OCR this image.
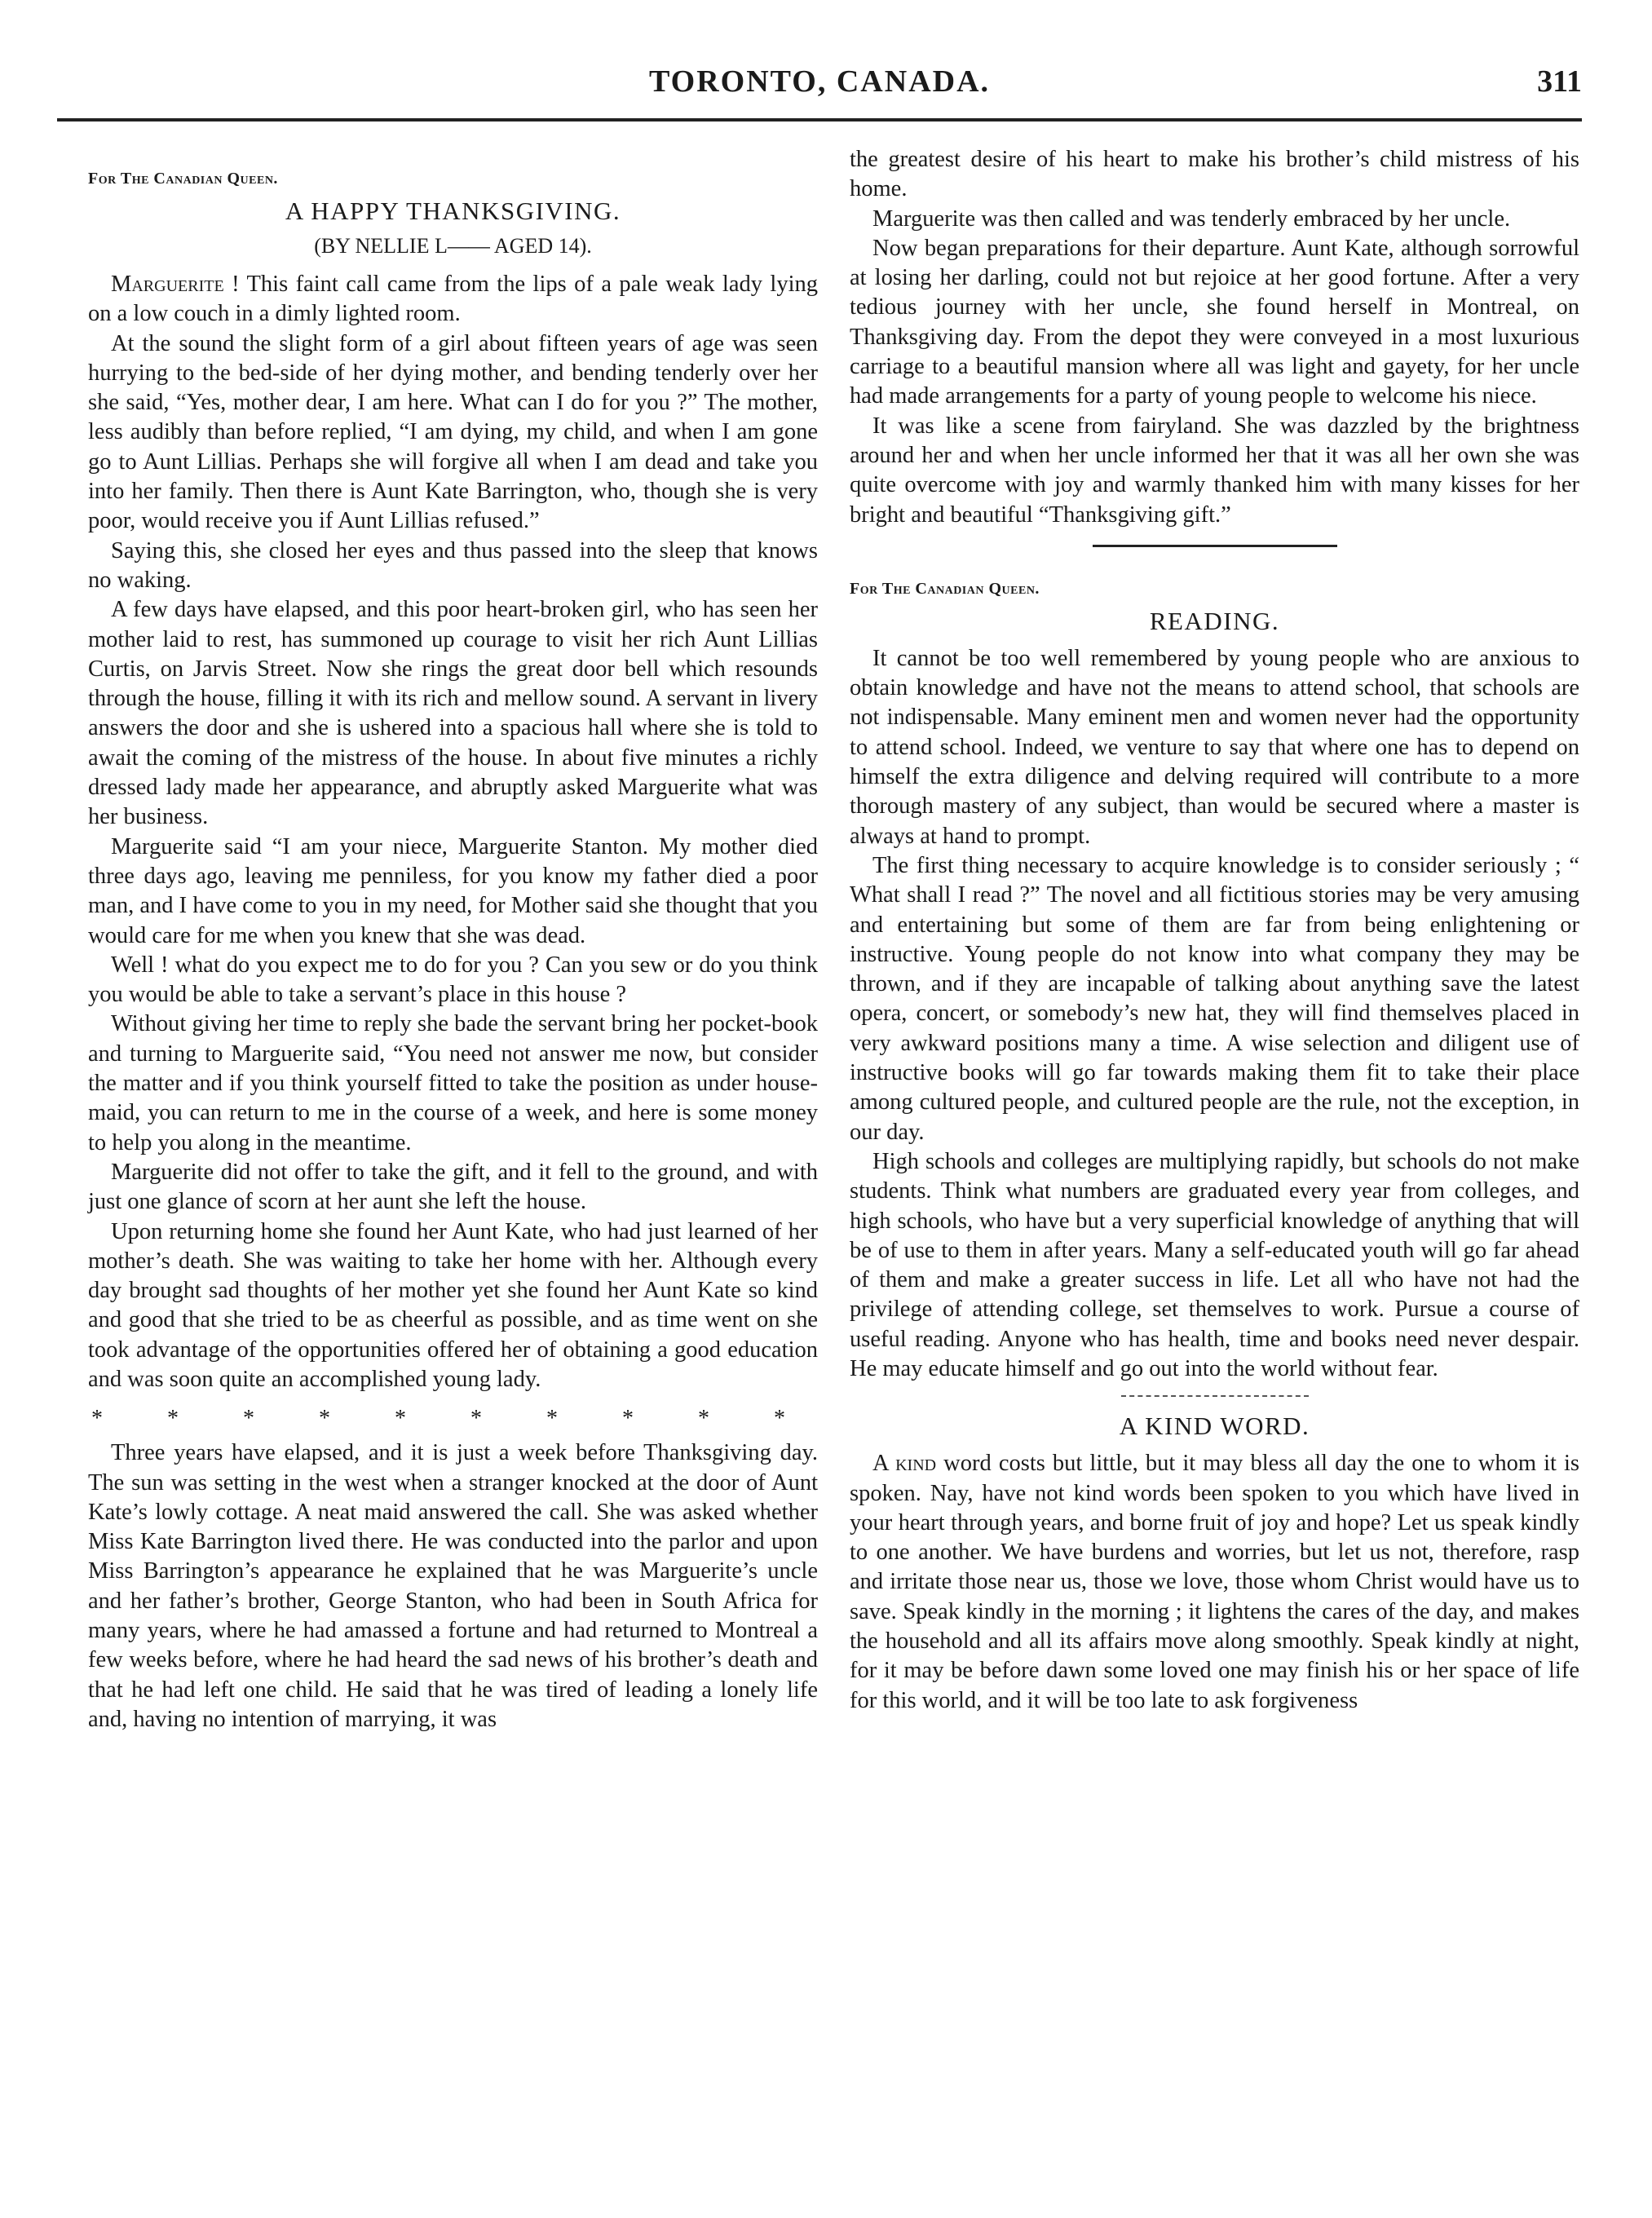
TORONTO, CANADA.	311
For The Canadian Queen.
A HAPPY THANKSGIVING.
(BY NELLIE L—— AGED 14).

Marguerite ! This faint call came from the lips of a pale weak lady lying on a low couch in a dimly lighted room.

At the sound the slight form of a girl about fifteen years of age was seen hurrying to the bed-side of her dying mother, and bending tenderly over her she said, “Yes, mother dear, I am here. What can I do for you ?” The mother, less audibly than before replied, “I am dying, my child, and when I am gone go to Aunt Lillias. Perhaps she will forgive all when I am dead and take you into her family. Then there is Aunt Kate Barrington, who, though she is very poor, would receive you if Aunt Lillias refused.”

Saying this, she closed her eyes and thus passed into the sleep that knows no waking.

A few days have elapsed, and this poor heart-broken girl, who has seen her mother laid to rest, has summoned up courage to visit her rich Aunt Lillias Curtis, on Jarvis Street. Now she rings the great door bell which resounds through the house, filling it with its rich and mellow sound. A servant in livery answers the door and she is ushered into a spacious hall where she is told to await the coming of the mistress of the house. In about five minutes a richly dressed lady made her appearance, and abruptly asked Marguerite what was her business.

Marguerite said “I am your niece, Marguerite Stanton. My mother died three days ago, leaving me penniless, for you know my father died a poor man, and I have come to you in my need, for Mother said she thought that you would care for me when you knew that she was dead.

Well ! what do you expect me to do for you ? Can you sew or do you think you would be able to take a servant’s place in this house ?

Without giving her time to reply she bade the servant bring her pocket-book and turning to Marguerite said, “You need not answer me now, but consider the matter and if you think yourself fitted to take the position as under house-maid, you can return to me in the course of a week, and here is some money to help you along in the meantime.

Marguerite did not offer to take the gift, and it fell to the ground, and with just one glance of scorn at her aunt she left the house.

Upon returning home she found her Aunt Kate, who had just learned of her mother’s death. She was waiting to take her home with her. Although every day brought sad thoughts of her mother yet she found her Aunt Kate so kind and good that she tried to be as cheerful as possible, and as time went on she took advantage of the opportunities offered her of obtaining a good education and was soon quite an accomplished young lady.

* * * * * * * * * *

Three years have elapsed, and it is just a week before Thanksgiving day. The sun was setting in the west when a stranger knocked at the door of Aunt Kate’s lowly cottage. A neat maid answered the call. She was asked whether Miss Kate Barrington lived there. He was conducted into the parlor and upon Miss Barrington’s appearance he explained that he was Marguerite’s uncle and her father’s brother, George Stanton, who had been in South Africa for many years, where he had amassed a fortune and had returned to Montreal a few weeks before, where he had heard the sad news of his brother’s death and that he had left one child. He said that he was tired of leading a lonely life and, having no intention of marrying, it was

the greatest desire of his heart to make his brother’s child mistress of his home.

Marguerite was then called and was tenderly embraced by her uncle.

Now began preparations for their departure. Aunt Kate, although sorrowful at losing her darling, could not but rejoice at her good fortune. After a very tedious journey with her uncle, she found herself in Montreal, on Thanksgiving day. From the depot they were conveyed in a most luxurious carriage to a beautiful mansion where all was light and gayety, for her uncle had made arrangements for a party of young people to welcome his niece.

It was like a scene from fairyland. She was dazzled by the brightness around her and when her uncle informed her that it was all her own she was quite overcome with joy and warmly thanked him with many kisses for her bright and beautiful “Thanksgiving gift.”

For The Canadian Queen.
READING.

It cannot be too well remembered by young people who are anxious to obtain knowledge and have not the means to attend school, that schools are not indispensable. Many eminent men and women never had the opportunity to attend school. Indeed, we venture to say that where one has to depend on himself the extra diligence and delving required will contribute to a more thorough mastery of any subject, than would be secured where a master is always at hand to prompt.

The first thing necessary to acquire knowledge is to consider seriously ; “ What shall I read ?” The novel and all fictitious stories may be very amusing and entertaining but some of them are far from being enlightening or instructive. Young people do not know into what company they may be thrown, and if they are incapable of talking about anything save the latest opera, concert, or somebody’s new hat, they will find themselves placed in very awkward positions many a time. A wise selection and diligent use of instructive books will go far towards making them fit to take their place among cultured people, and cultured people are the rule, not the exception, in our day.

High schools and colleges are multiplying rapidly, but schools do not make students. Think what numbers are graduated every year from colleges, and high schools, who have but a very superficial knowledge of anything that will be of use to them in after years. Many a self-educated youth will go far ahead of them and make a greater success in life. Let all who have not had the privilege of attending college, set themselves to work. Pursue a course of useful reading. Anyone who has health, time and books need never despair. He may educate himself and go out into the world without fear.

A KIND WORD.

A kind word costs but little, but it may bless all day the one to whom it is spoken. Nay, have not kind words been spoken to you which have lived in your heart through years, and borne fruit of joy and hope? Let us speak kindly to one another. We have burdens and worries, but let us not, therefore, rasp and irritate those near us, those we love, those whom Christ would have us to save. Speak kindly in the morning ; it lightens the cares of the day, and makes the household and all its affairs move along smoothly. Speak kindly at night, for it may be before dawn some loved one may finish his or her space of life for this world, and it will be too late to ask forgiveness
